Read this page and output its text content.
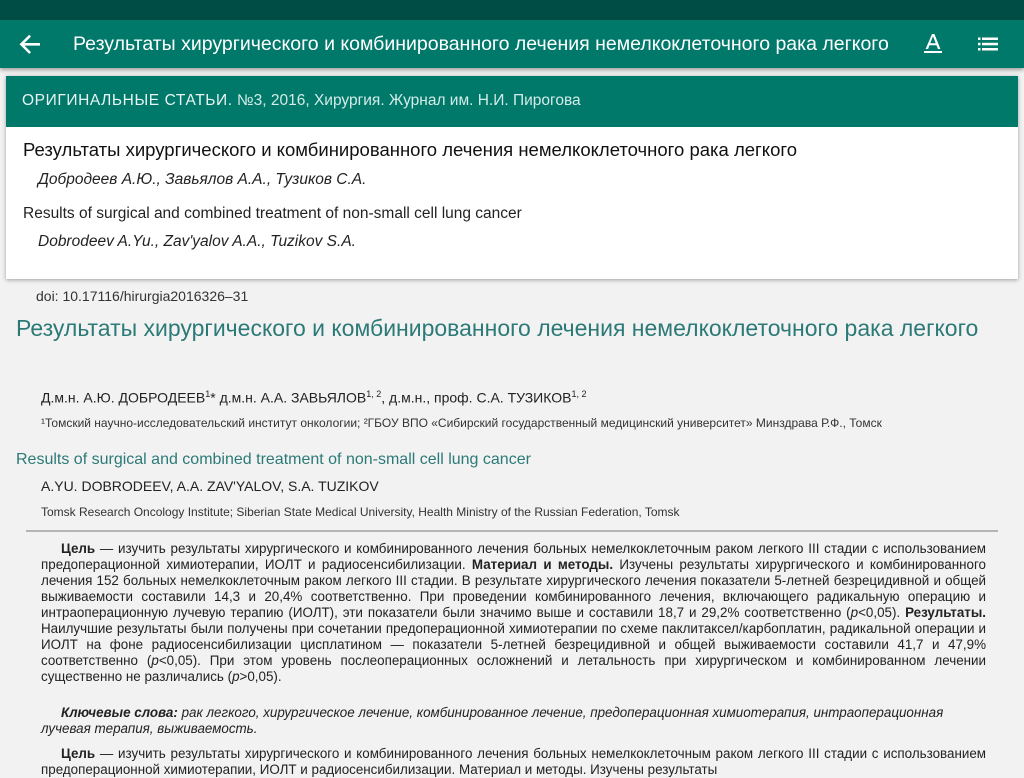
Результаты хирургического и комбинированного лечения немелкоклеточного рака легкого
ОРИГИНАЛЬНЫЕ СТАТЬИ. №3, 2016, Хирургия. Журнал им. Н.И. Пирогова
Результаты хирургического и комбинированного лечения немелкоклеточного рака легкого
Добродеев А.Ю., Завьялов А.А., Тузиков С.А.
Results of surgical and combined treatment of non-small cell lung cancer
Dobrodeev A.Yu., Zav'yalov A.A., Tuzikov S.A.
doi: 10.17116/hirurgia2016326–31
Результаты хирургического и комбинированного лечения немелкоклеточного рака легкого
Д.м.н. А.Ю. ДОБРОДЕЕВ$^1$* д.м.н. А.А. ЗАВЬЯЛОВ$^{1, 2}$, д.м.н., проф. С.А. ТУЗИКОВ$^{1, 2}$
¹Томский научно-исследовательский институт онкологии; ²ГБОУ ВПО «Сибирский государственный медицинский университет» Минздрава Р.Ф., Томск
Results of surgical and combined treatment of non-small cell lung cancer
A.YU. DOBRODEEV, A.A. ZAV'YALOV, S.A. TUZIKOV
Tomsk Research Oncology Institute; Siberian State Medical University, Health Ministry of the Russian Federation, Tomsk
Цель — изучить результаты хирургического и комбинированного лечения больных немелкоклеточным раком легкого III стадии с использованием предоперационной химиотерапии, ИОЛТ и радиосенсибилизации. Материал и методы. Изучены результаты хирургического и комбинированного лечения 152 больных немелкоклеточным раком легкого III стадии. В результате хирургического лечения показатели 5-летней безрецидивной и общей выживаемости составили 14,3 и 20,4% соответственно. При проведении комбинированного лечения, включающего радикальную операцию и интраоперационную лучевую терапию (ИОЛТ), эти показатели были значимо выше и составили 18,7 и 29,2% соответственно (p<0,05). Результаты. Наилучшие результаты были получены при сочетании предоперационной химиотерапии по схеме паклитаксел/карбоплатин, радикальной операции и ИОЛТ на фоне радиосенсибилизации цисплатином — показатели 5-летней безрецидивной и общей выживаемости составили 41,7 и 47,9% соответственно (p<0,05). При этом уровень послеоперационных осложнений и летальность при хирургическом и комбинированном лечении существенно не различались (p>0,05).
Ключевые слова: рак легкого, хирургическое лечение, комбинированное лечение, предоперационная химиотерапия, интраоперационная лучевая терапия, выживаемость.
Цель — изучить результаты хирургического и комбинированного лечения больных немелкоклеточным раком легкого III стадии с использованием предоперационной химиотерапии, ИОЛТ и радиосенсибилизации. Материал и методы. Изучены результаты
